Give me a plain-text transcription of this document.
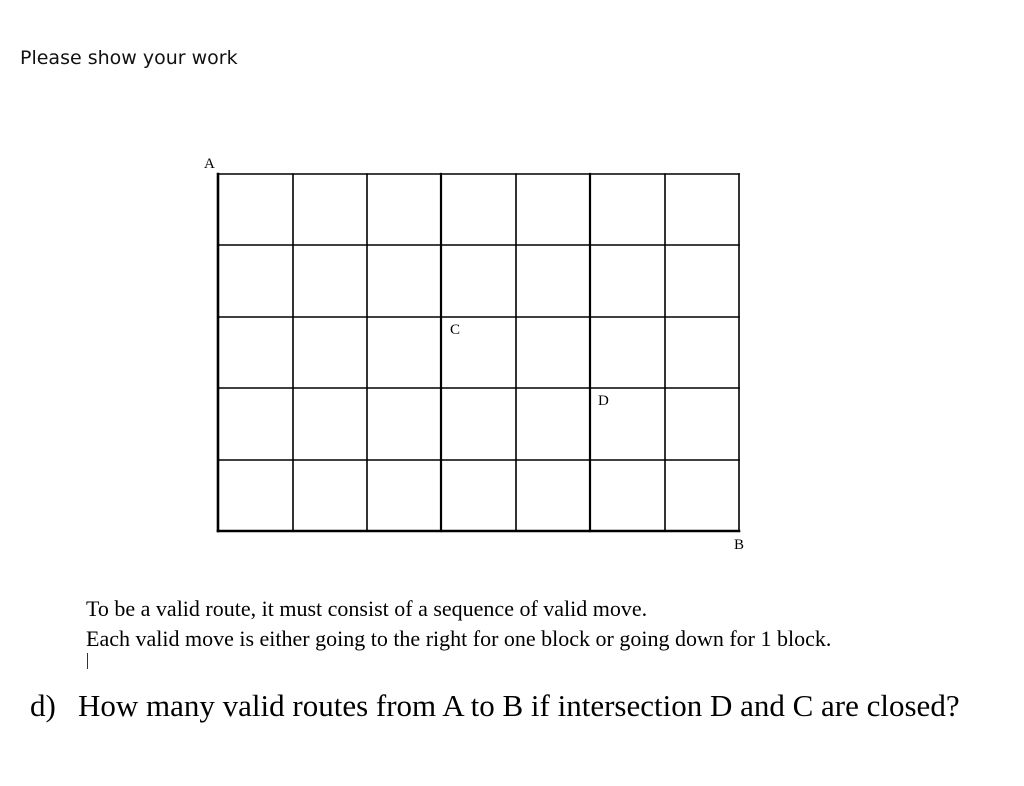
Please show your work
A
C
D
B

To be a valid route, it must consist of a sequence of valid move.

Each valid move is either going to the right for one block or going down for 1 block.

d) How many valid routes from A to B if intersection D and C are closed?
